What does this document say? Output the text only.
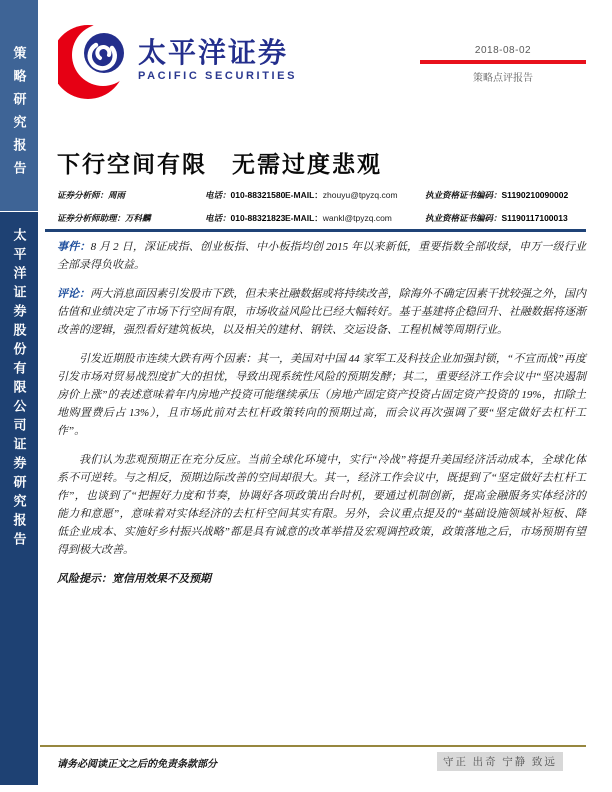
策略研究报告
太平洋证券股份有限公司证券研究报告
太平洋证券
PACIFIC SECURITIES
2018-08-02
策略点评报告
下行空间有限　无需过度悲观
证券分析师：周雨	电话：010-88321580 E-MAIL：zhouyu@tpyzq.com	执业资格证书编码：S1190210090002
证券分析师助理：万科麟	电话：010-88321823 E-MAIL：wankl@tpyzq.com	执业资格证书编码：S1190117100013

事件：8 月 2 日，深证成指、创业板指、中小板指均创 2015 年以来新低，重要指数全部收绿，申万一级行业全部录得负收益。

评论：两大消息面因素引发股市下跌，但未来社融数据或将持续改善，除海外不确定因素干扰较强之外，国内估值和业绩决定了市场下行空间有限，市场收益风险比已经大幅转好。基于基建将企稳回升、社融数据将逐渐改善的逻辑，强烈看好建筑板块，以及相关的建材、钢铁、交运设备、工程机械等周期行业。

引发近期股市连续大跌有两个因素：其一，美国对中国 44 家军工及科技企业加强封锁，“不宣而战”再度引发市场对贸易战烈度扩大的担忧，导致出现系统性风险的预期发酵；其二，重要经济工作会议中“坚决遏制房价上涨”的表述意味着年内房地产投资可能继续承压（房地产固定资产投资占固定资产投资的 19%，扣除土地购置费后占 13%），且市场此前对去杠杆政策转向的预期过高，而会议再次强调了要“坚定做好去杠杆工作”。

我们认为悲观预期正在充分反应。当前全球化环境中，实行“冷战”将提升美国经济活动成本，全球化体系不可逆转。与之相反，预期边际改善的空间却很大。其一，经济工作会议中，既提到了“坚定做好去杠杆工作”，也谈到了“把握好力度和节奏，协调好各项政策出台时机，要通过机制创新，提高金融服务实体经济的能力和意愿”，意味着对实体经济的去杠杆空间其实有限。另外，会议重点提及的“基础设施领域补短板、降低企业成本、实施好乡村振兴战略”都是具有诚意的改革举措及宏观调控政策，政策落地之后，市场预期有望得到极大改善。

风险提示：宽信用效果不及预期

请务必阅读正文之后的免责条款部分	守正 出奇 宁静 致远
